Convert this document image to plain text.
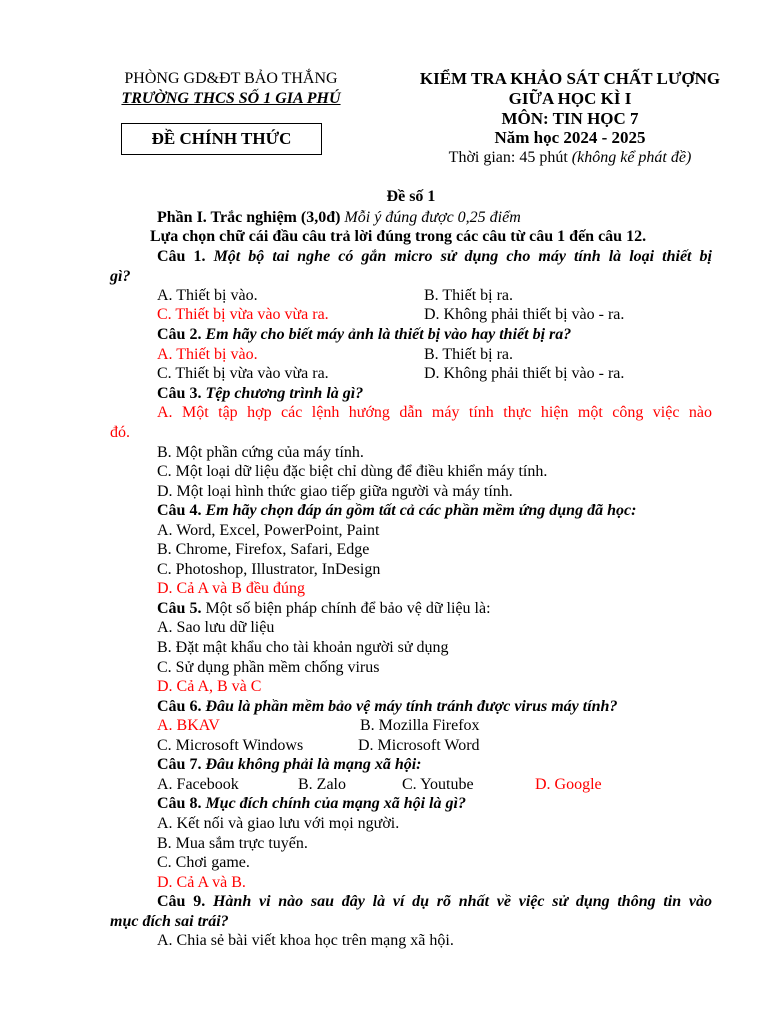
PHÒNG GD&ĐT BẢO THẮNG
TRƯỜNG THCS SỐ 1 GIA PHÚ
ĐỀ CHÍNH THỨC
KIỂM TRA KHẢO SÁT CHẤT LƯỢNG
GIỮA HỌC KÌ I
MÔN: TIN HỌC 7
Năm học 2024 - 2025
Thời gian: 45 phút (không kể phát đề)
Đề số 1
Phần I. Trắc nghiệm (3,0đ) Mỗi ý đúng được 0,25 điểm
Lựa chọn chữ cái đầu câu trả lời đúng trong các câu từ câu 1 đến câu 12.
Câu 1. Một bộ tai nghe có gắn micro sử dụng cho máy tính là loại thiết bị
gì?
A. Thiết bị vào.	B. Thiết bị ra.
C. Thiết bị vừa vào vừa ra.	D. Không phải thiết bị vào - ra.
Câu 2. Em hãy cho biết máy ảnh là thiết bị vào hay thiết bị ra?
A. Thiết bị vào.	B. Thiết bị ra.
C. Thiết bị vừa vào vừa ra.	D. Không phải thiết bị vào - ra.
Câu 3. Tệp chương trình là gì?
A. Một tập hợp các lệnh hướng dẫn máy tính thực hiện một công việc nào
đó.
B. Một phần cứng của máy tính.
C. Một loại dữ liệu đặc biệt chỉ dùng để điều khiển máy tính.
D. Một loại hình thức giao tiếp giữa người và máy tính.
Câu 4. Em hãy chọn đáp án gồm tất cả các phần mềm ứng dụng đã học:
A. Word, Excel, PowerPoint, Paint
B. Chrome, Firefox, Safari, Edge
C. Photoshop, Illustrator, InDesign
D. Cả A và B đều đúng
Câu 5. Một số biện pháp chính để bảo vệ dữ liệu là:
A. Sao lưu dữ liệu
B. Đặt mật khẩu cho tài khoản người sử dụng
C. Sử dụng phần mềm chống virus
D. Cả A, B và C
Câu 6. Đâu là phần mềm bảo vệ máy tính tránh được virus máy tính?
A. BKAV	B. Mozilla Firefox
C. Microsoft Windows	D. Microsoft Word
Câu 7. Đâu không phải là mạng xã hội:
A. Facebook	B. Zalo	C. Youtube	D. Google
Câu 8. Mục đích chính của mạng xã hội là gì?
A. Kết nối và giao lưu với mọi người.
B. Mua sắm trực tuyến.
C. Chơi game.
D. Cả A và B.
Câu 9. Hành vi nào sau đây là ví dụ rõ nhất về việc sử dụng thông tin vào
mục đích sai trái?
A. Chia sẻ bài viết khoa học trên mạng xã hội.
